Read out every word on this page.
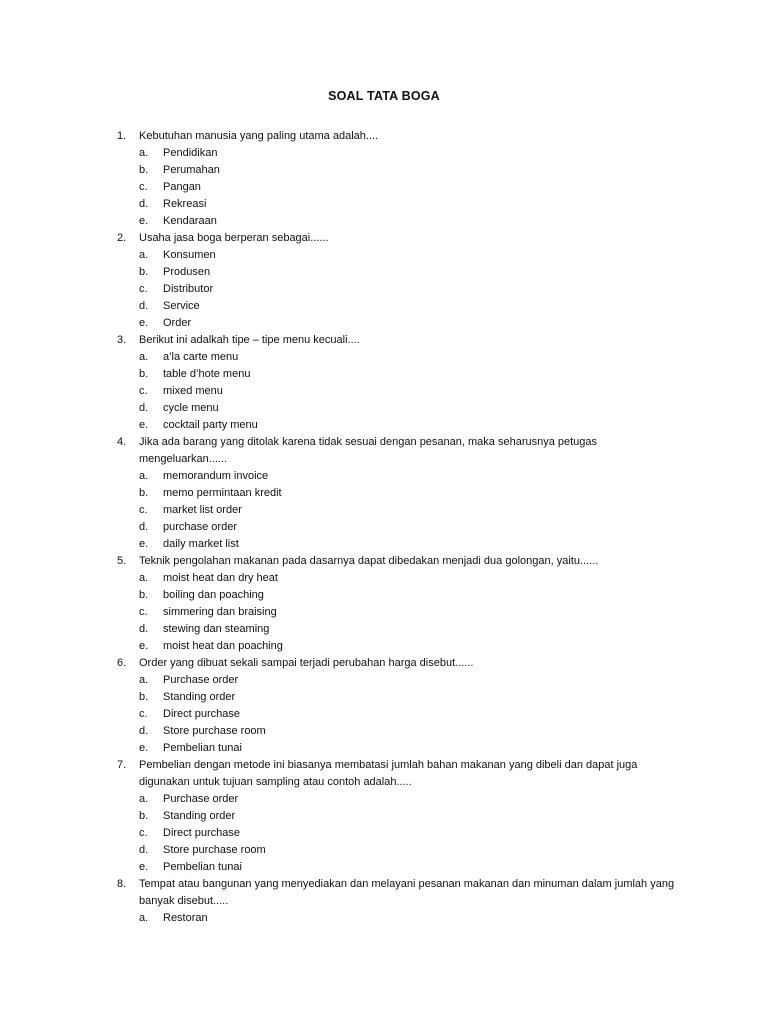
SOAL TATA BOGA
1. Kebutuhan manusia yang paling utama adalah....
a. Pendidikan
b. Perumahan
c. Pangan
d. Rekreasi
e. Kendaraan
2. Usaha jasa boga berperan sebagai......
a. Konsumen
b. Produsen
c. Distributor
d. Service
e. Order
3. Berikut ini adalkah tipe – tipe menu kecuali....
a. a’la carte menu
b. table d’hote menu
c. mixed menu
d. cycle menu
e. cocktail party menu
4. Jika ada barang yang ditolak karena tidak sesuai dengan pesanan, maka seharusnya petugas mengeluarkan......
a. memorandum invoice
b. memo permintaan kredit
c. market list order
d. purchase order
e. daily market list
5. Teknik pengolahan makanan pada dasarnya dapat dibedakan menjadi dua golongan, yaitu......
a. moist heat dan dry heat
b. boiling dan poaching
c. simmering dan braising
d. stewing dan steaming
e. moist heat dan poaching
6. Order yang dibuat sekali sampai terjadi perubahan harga disebut......
a. Purchase order
b. Standing order
c. Direct purchase
d. Store purchase room
e. Pembelian tunai
7. Pembelian dengan metode ini biasanya membatasi jumlah bahan makanan yang dibeli dan dapat juga digunakan untuk tujuan sampling atau contoh adalah.....
a. Purchase order
b. Standing order
c. Direct purchase
d. Store purchase room
e. Pembelian tunai
8. Tempat atau bangunan yang menyediakan dan melayani pesanan makanan dan minuman dalam jumlah yang banyak disebut.....
a. Restoran
